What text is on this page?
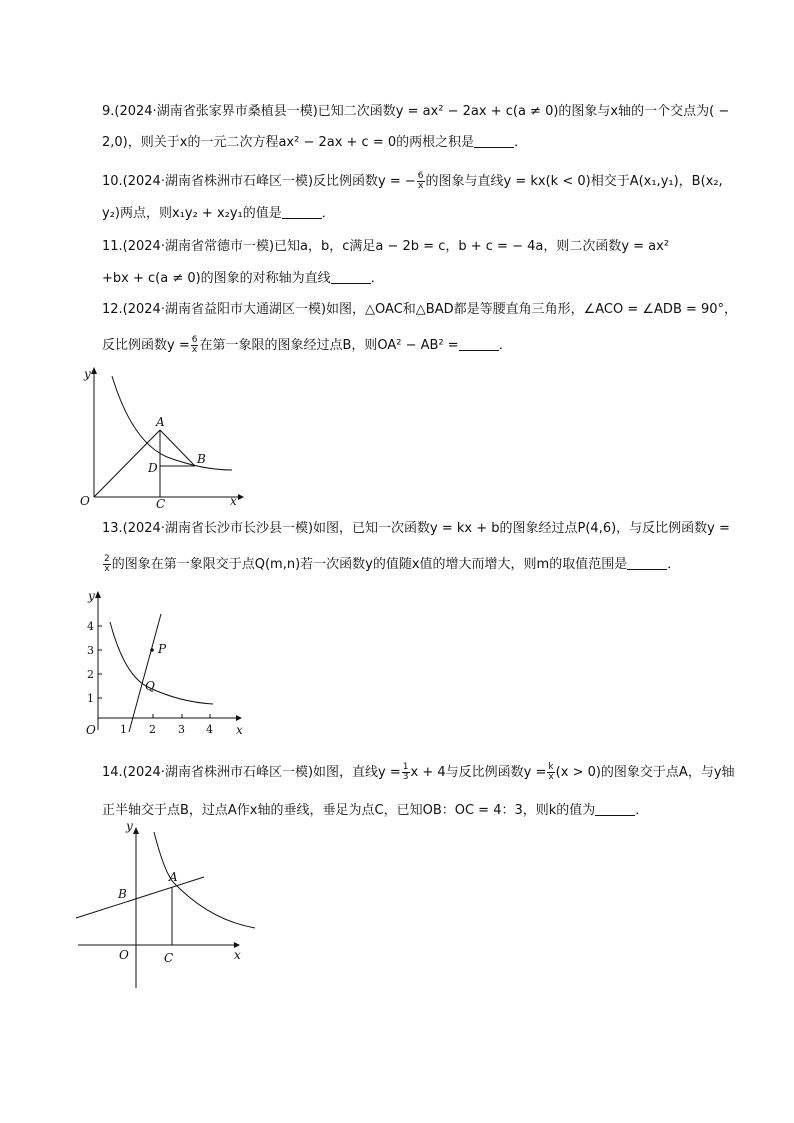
9.(2024·湖南省张家界市桑植县一模)已知二次函数y = ax² − 2ax + c(a ≠ 0)的图象与x轴的一个交点为( −
2,0)，则关于x的一元二次方程ax² − 2ax + c = 0的两根之积是	．
10.(2024·湖南省株洲市石峰区一模)反比例函数y = − $\frac{6}{x}$ 的图象与直线y = kx(k < 0)相交于A(x₁,y₁)，B(x₂,
y₂)两点，则x₁y₂ + x₂y₁的值是	．
11.(2024·湖南省常德市一模)已知a，b，c满足a − 2b = c，b + c = − 4a，则二次函数y = ax²
+bx + c(a ≠ 0)的图象的对称轴为直线	．
12.(2024·湖南省益阳市大通湖区一模)如图，△OAC和△BAD都是等腰直角三角形，∠ACO = ∠ADB = 90°，
反比例函数$y = \frac{6}{x}$ 在第一象限的图象经过点B，则OA² − AB² =	．
y
A
D
B
O	C	x
13.(2024·湖南省长沙市长沙县一模)如图，已知一次函数y = kx + b的图象经过点P(4,6)，与反比例函数y =
$\frac{2}{x}$ 的图象在第一象限交于点Q(m,n)若一次函数y的值随x值的增大而增大，则m的取值范围是	．
P
Q
y
O	x
1
2
3
4
1 2 3 4
14.(2024·湖南省株洲市石峰区一模)如图，直线$y = \frac{1}{3}$ x + 4与反比例函数$y = \frac{k}{x} (x > 0)$的图象交于点A，与y轴
正半轴交于点B，过点A作x轴的垂线，垂足为点C，已知OB：OC = 4：3，则k的值为	．
y
B
A
O	C	x
